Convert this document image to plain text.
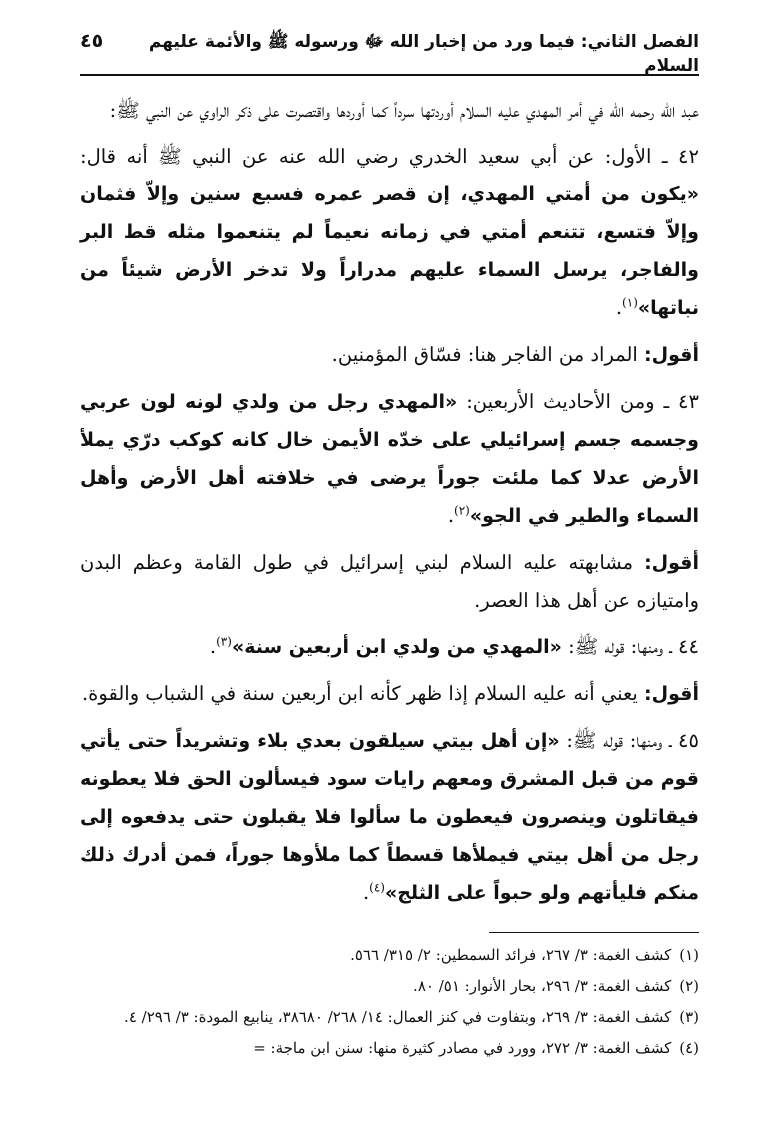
الفصل الثاني: فيما ورد من إخبار الله ﷻ ورسوله ﷺ والأئمة عليهم السلام
٤٥

عبد الله رحمه الله في أمر المهدي عليه السلام أوردتها سرداً كما أوردها واقتصرت على ذكر الراوي عن النبي ﷺ:

٤٢ ـ الأول: عن أبي سعيد الخدري رضي الله عنه عن النبي ﷺ أنه قال: «يكون من أمتي المهدي، إن قصر عمره فسبع سنين وإلاّ فثمان وإلاّ فتسع، تتنعم أمتي في زمانه نعيماً لم يتنعموا مثله قط البر والفاجر، يرسل السماء عليهم مدراراً ولا تدخر الأرض شيئاً من نباتها»$^{(١)}$.

أقول: المراد من الفاجر هنا: فسّاق المؤمنين.

٤٣ ـ ومن الأحاديث الأربعين: «المهدي رجل من ولدي لونه لون عربي وجسمه جسم إسرائيلي على خدّه الأيمن خال كانه كوكب درّي يملأ الأرض عدلا كما ملئت جوراً يرضى في خلافته أهل الأرض وأهل السماء والطير في الجو»$^{(٢)}$.

أقول: مشابهته عليه السلام لبني إسرائيل في طول القامة وعظم البدن وامتيازه عن أهل هذا العصر.

٤٤ ـ ومنها: قوله ﷺ: «المهدي من ولدي ابن أربعين سنة»$^{(٣)}$.

أقول: يعني أنه عليه السلام إذا ظهر كأنه ابن أربعين سنة في الشباب والقوة.

٤٥ ـ ومنها: قوله ﷺ: «إن أهل بيتي سيلقون بعدي بلاء وتشريداً حتى يأتي قوم من قبل المشرق ومعهم رايات سود فيسألون الحق فلا يعطونه فيقاتلون وينصرون فيعطون ما سألوا فلا يقبلون حتى يدفعوه إلى رجل من أهل بيتي فيملأها قسطاً كما ملأوها جوراً، فمن أدرك ذلك منكم فليأتهم ولو حبواً على الثلج»$^{(٤)}$.

(١)
كشف الغمة: ٣/ ٢٦٧، فرائد السمطين: ٢/ ٣١٥/ ٥٦٦.
(٢)
كشف الغمة: ٣/ ٢٩٦، بحار الأنوار: ٥١/ ٨٠.
(٣)
كشف الغمة: ٣/ ٢٦٩، وبتفاوت في كنز العمال: ١٤/ ٢٦٨/ ٣٨٦٨٠، ينابيع المودة: ٣/ ٢٩٦/ ٤.
(٤)
كشف الغمة: ٣/ ٢٧٢، وورد في مصادر كثيرة منها: سنن ابن ماجة: =
